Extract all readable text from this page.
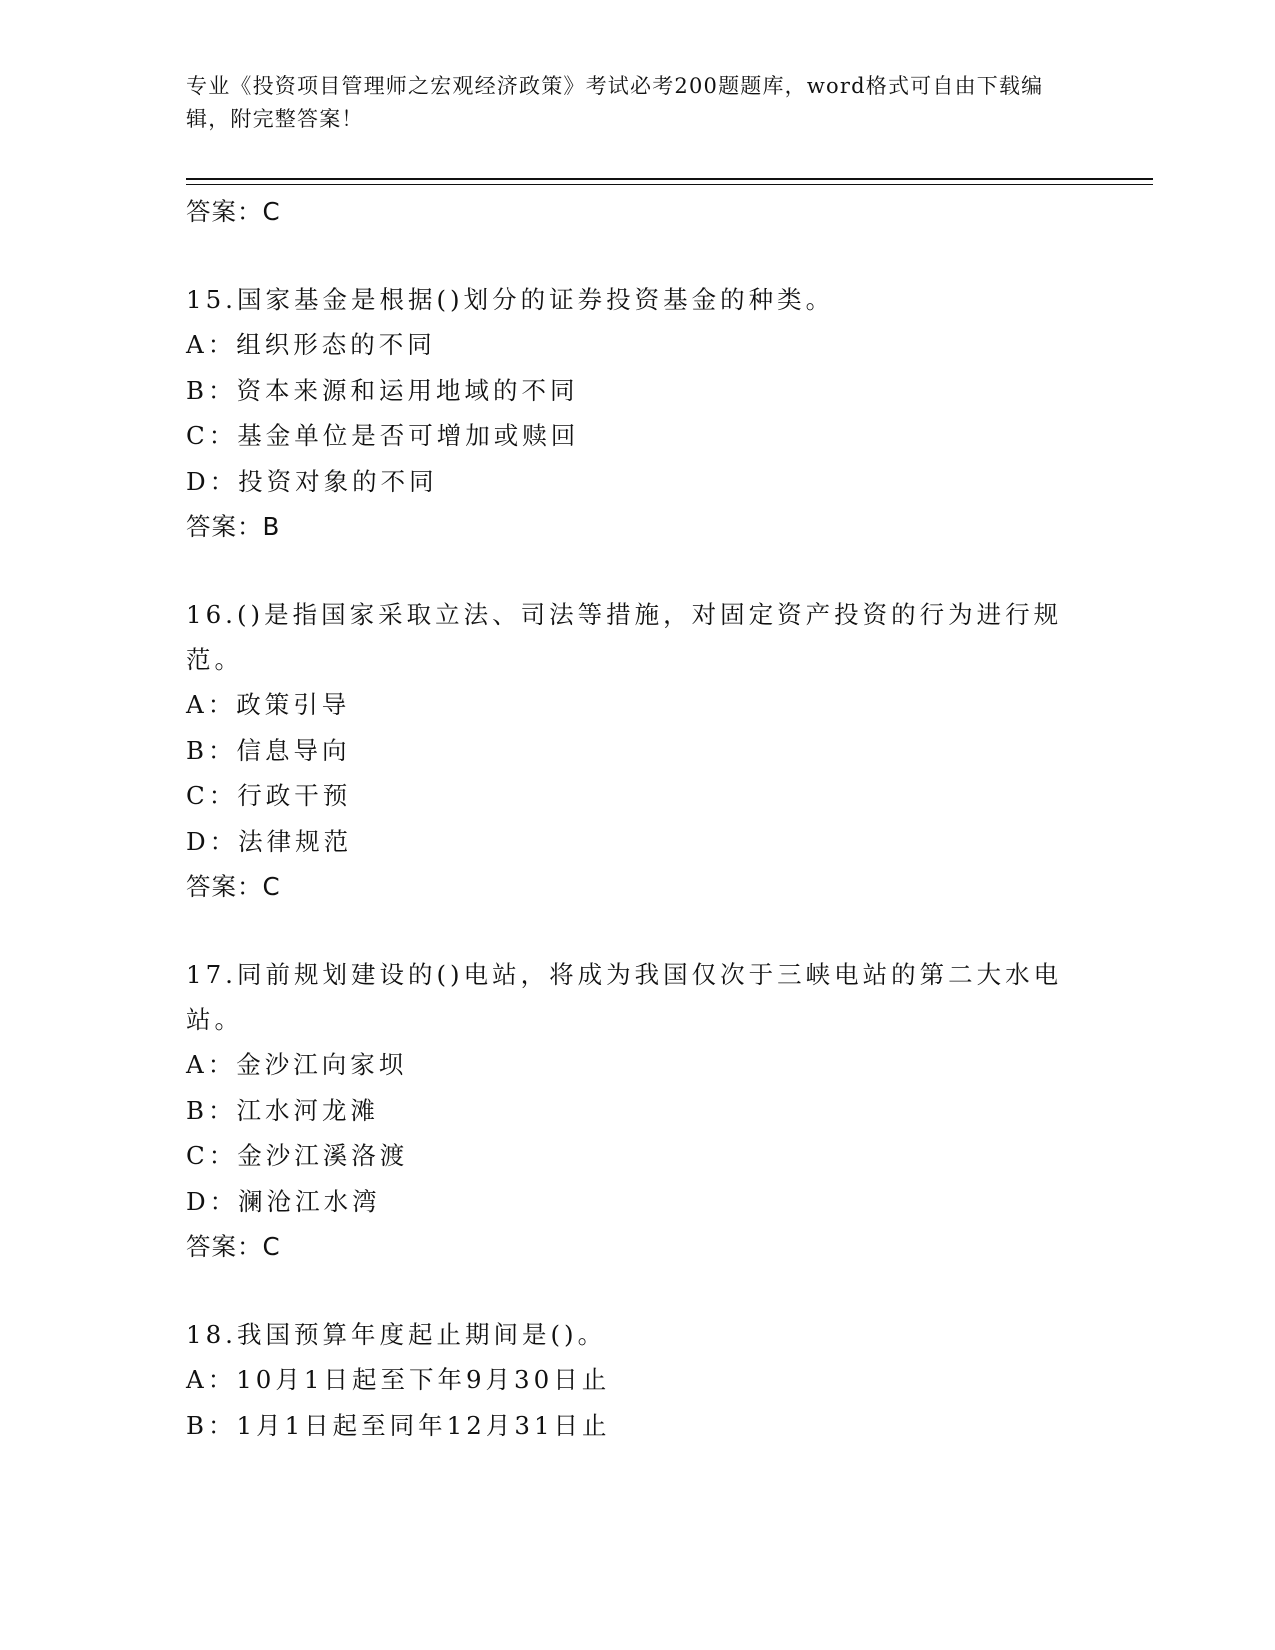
专业《投资项目管理师之宏观经济政策》考试必考200题题库，word格式可自由下载编辑，附完整答案！
答案：C
15.国家基金是根据()划分的证券投资基金的种类。
A：组织形态的不同
B：资本来源和运用地域的不同
C：基金单位是否可增加或赎回
D：投资对象的不同
答案：B
16.()是指国家采取立法、司法等措施，对固定资产投资的行为进行规范。
A：政策引导
B：信息导向
C：行政干预
D：法律规范
答案：C
17.同前规划建设的()电站，将成为我国仅次于三峡电站的第二大水电站。
A：金沙江向家坝
B：江水河龙滩
C：金沙江溪洛渡
D：澜沧江水湾
答案：C
18.我国预算年度起止期间是()。
A：10月1日起至下年9月30日止
B：1月1日起至同年12月31日止
